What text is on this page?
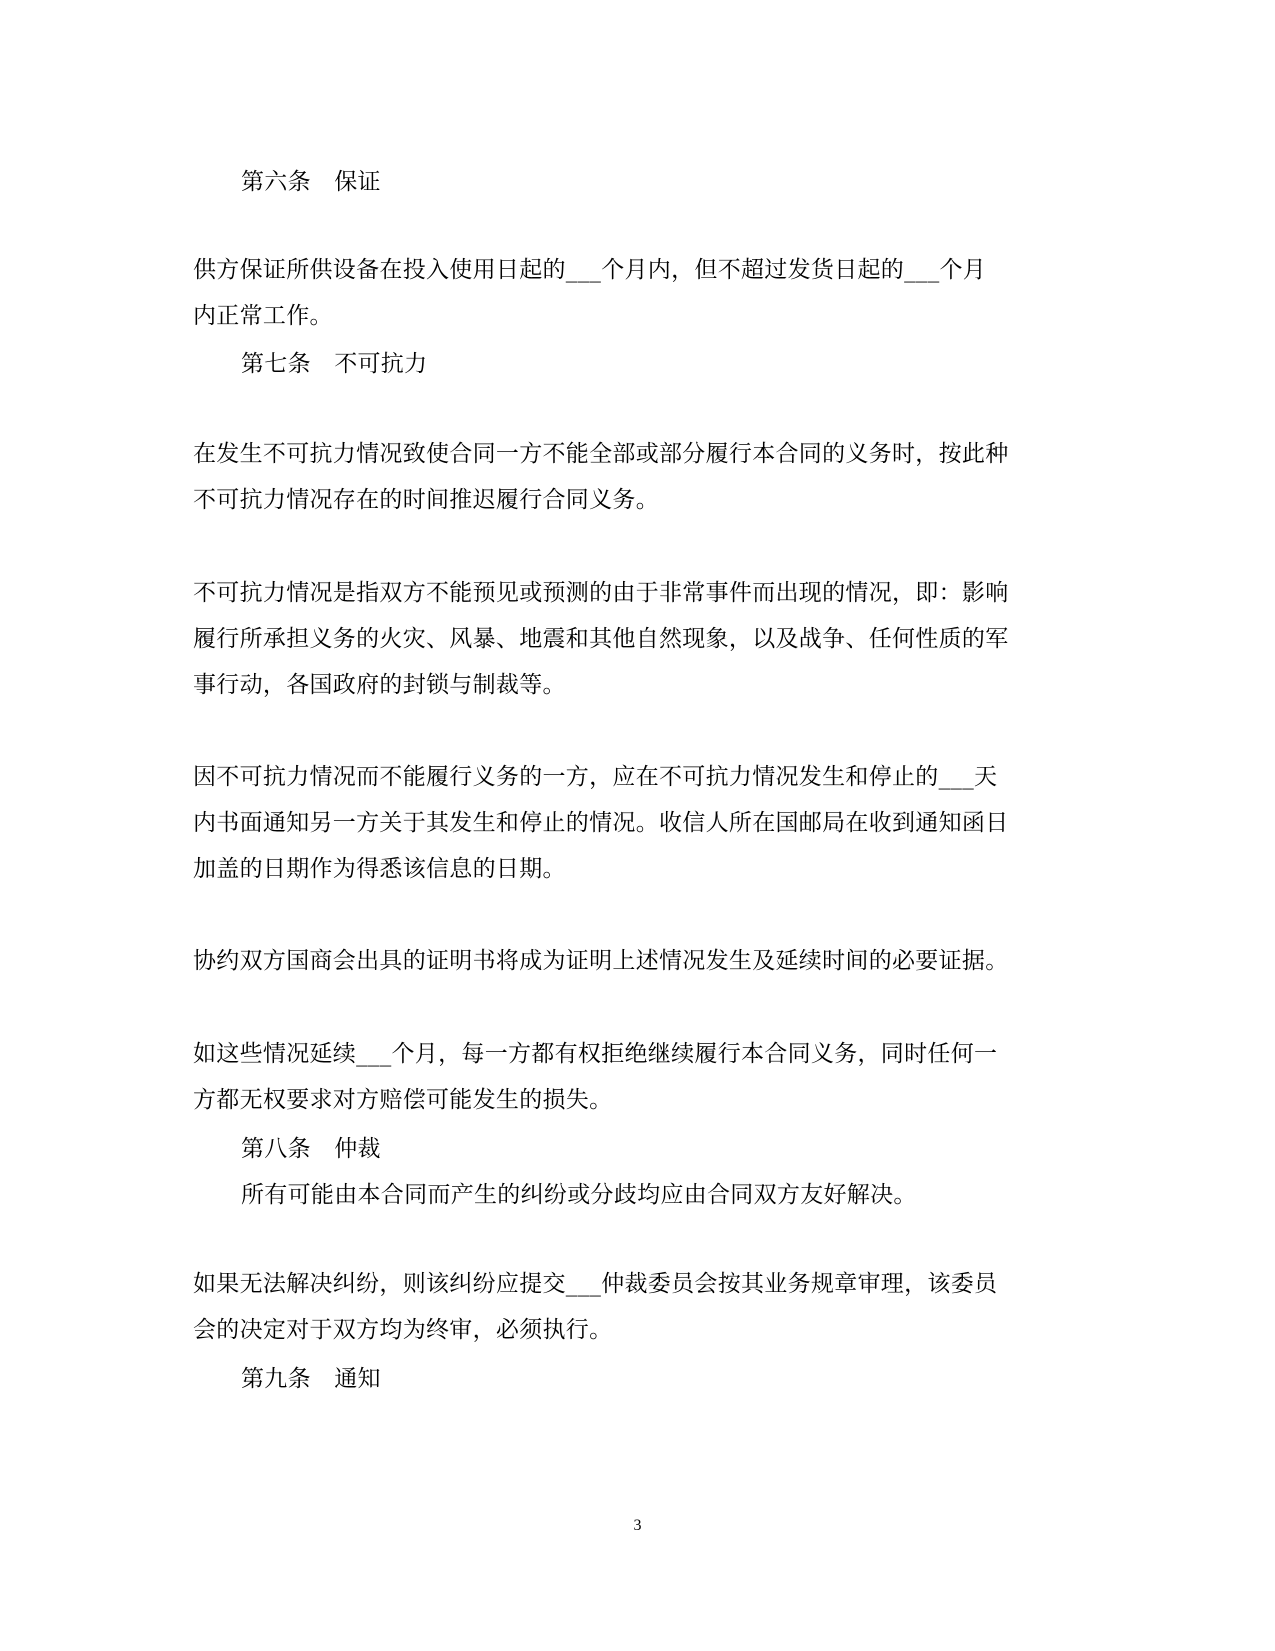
第六条　保证
供方保证所供设备在投入使用日起的___个月内，但不超过发货日起的___个月
内正常工作。
第七条　不可抗力
在发生不可抗力情况致使合同一方不能全部或部分履行本合同的义务时，按此种
不可抗力情况存在的时间推迟履行合同义务。
不可抗力情况是指双方不能预见或预测的由于非常事件而出现的情况，即：影响
履行所承担义务的火灾、风暴、地震和其他自然现象，以及战争、任何性质的军
事行动，各国政府的封锁与制裁等。
因不可抗力情况而不能履行义务的一方，应在不可抗力情况发生和停止的___天
内书面通知另一方关于其发生和停止的情况。收信人所在国邮局在收到通知函日
加盖的日期作为得悉该信息的日期。
协约双方国商会出具的证明书将成为证明上述情况发生及延续时间的必要证据。
如这些情况延续___个月，每一方都有权拒绝继续履行本合同义务，同时任何一
方都无权要求对方赔偿可能发生的损失。
第八条　仲裁
所有可能由本合同而产生的纠纷或分歧均应由合同双方友好解决。
如果无法解决纠纷，则该纠纷应提交___仲裁委员会按其业务规章审理，该委员
会的决定对于双方均为终审，必须执行。
第九条　通知
3
